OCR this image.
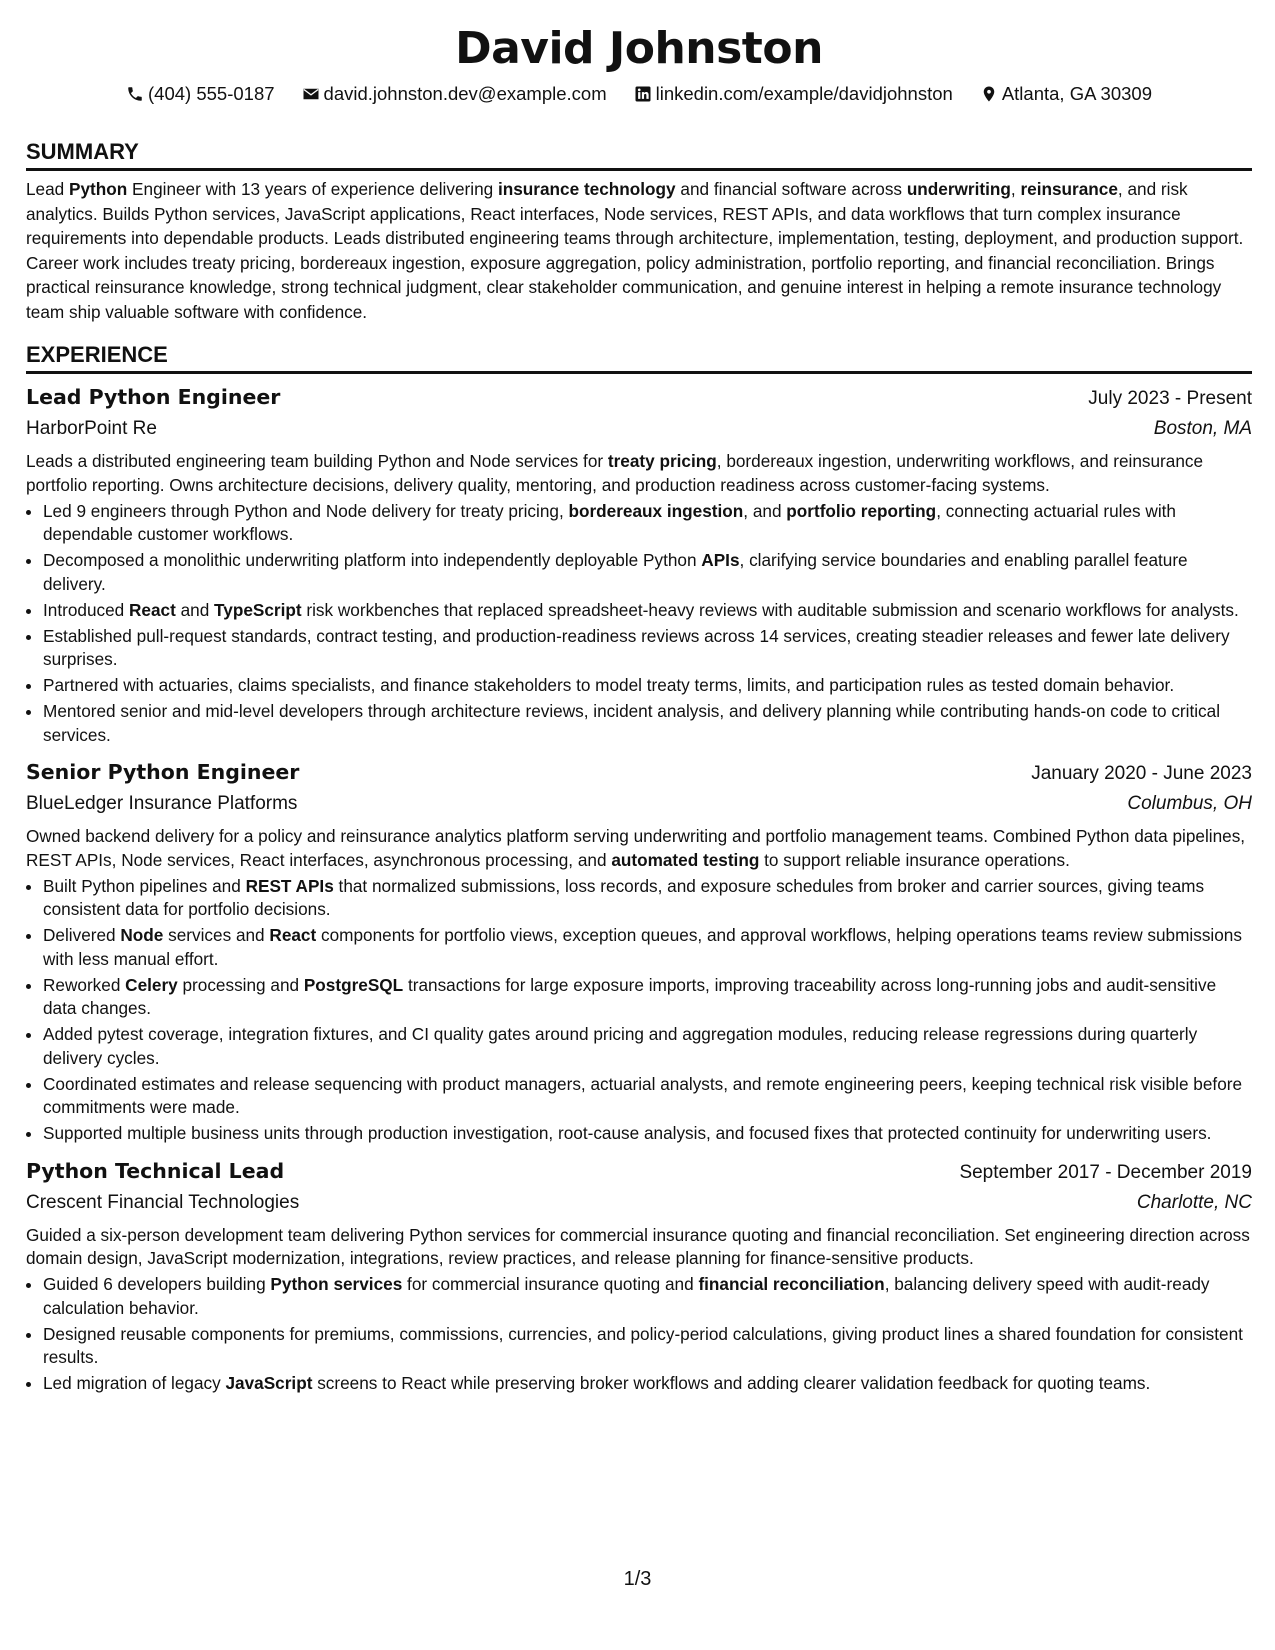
David Johnston
(404) 555-0187	david.johnston.dev@example.com	linkedin.com/example/davidjohnston	Atlanta, GA 30309
SUMMARY
Lead Python Engineer with 13 years of experience delivering insurance technology and financial software across underwriting, reinsurance, and risk analytics. Builds Python services, JavaScript applications, React interfaces, Node services, REST APIs, and data workflows that turn complex insurance requirements into dependable products. Leads distributed engineering teams through architecture, implementation, testing, deployment, and production support. Career work includes treaty pricing, bordereaux ingestion, exposure aggregation, policy administration, portfolio reporting, and financial reconciliation. Brings practical reinsurance knowledge, strong technical judgment, clear stakeholder communication, and genuine interest in helping a remote insurance technology team ship valuable software with confidence.
EXPERIENCE
Lead Python Engineer	July 2023 - Present
HarborPoint Re	Boston, MA
Leads a distributed engineering team building Python and Node services for treaty pricing, bordereaux ingestion, underwriting workflows, and reinsurance portfolio reporting. Owns architecture decisions, delivery quality, mentoring, and production readiness across customer-facing systems.
• Led 9 engineers through Python and Node delivery for treaty pricing, bordereaux ingestion, and portfolio reporting, connecting actuarial rules with dependable customer workflows.
• Decomposed a monolithic underwriting platform into independently deployable Python APIs, clarifying service boundaries and enabling parallel feature delivery.
• Introduced React and TypeScript risk workbenches that replaced spreadsheet-heavy reviews with auditable submission and scenario workflows for analysts.
• Established pull-request standards, contract testing, and production-readiness reviews across 14 services, creating steadier releases and fewer late delivery surprises.
• Partnered with actuaries, claims specialists, and finance stakeholders to model treaty terms, limits, and participation rules as tested domain behavior.
• Mentored senior and mid-level developers through architecture reviews, incident analysis, and delivery planning while contributing hands-on code to critical services.
Senior Python Engineer	January 2020 - June 2023
BlueLedger Insurance Platforms	Columbus, OH
Owned backend delivery for a policy and reinsurance analytics platform serving underwriting and portfolio management teams. Combined Python data pipelines, REST APIs, Node services, React interfaces, asynchronous processing, and automated testing to support reliable insurance operations.
• Built Python pipelines and REST APIs that normalized submissions, loss records, and exposure schedules from broker and carrier sources, giving teams consistent data for portfolio decisions.
• Delivered Node services and React components for portfolio views, exception queues, and approval workflows, helping operations teams review submissions with less manual effort.
• Reworked Celery processing and PostgreSQL transactions for large exposure imports, improving traceability across long-running jobs and audit-sensitive data changes.
• Added pytest coverage, integration fixtures, and CI quality gates around pricing and aggregation modules, reducing release regressions during quarterly delivery cycles.
• Coordinated estimates and release sequencing with product managers, actuarial analysts, and remote engineering peers, keeping technical risk visible before commitments were made.
• Supported multiple business units through production investigation, root-cause analysis, and focused fixes that protected continuity for underwriting users.
Python Technical Lead	September 2017 - December 2019
Crescent Financial Technologies	Charlotte, NC
Guided a six-person development team delivering Python services for commercial insurance quoting and financial reconciliation. Set engineering direction across domain design, JavaScript modernization, integrations, review practices, and release planning for finance-sensitive products.
• Guided 6 developers building Python services for commercial insurance quoting and financial reconciliation, balancing delivery speed with audit-ready calculation behavior.
• Designed reusable components for premiums, commissions, currencies, and policy-period calculations, giving product lines a shared foundation for consistent results.
• Led migration of legacy JavaScript screens to React while preserving broker workflows and adding clearer validation feedback for quoting teams.
1/3
